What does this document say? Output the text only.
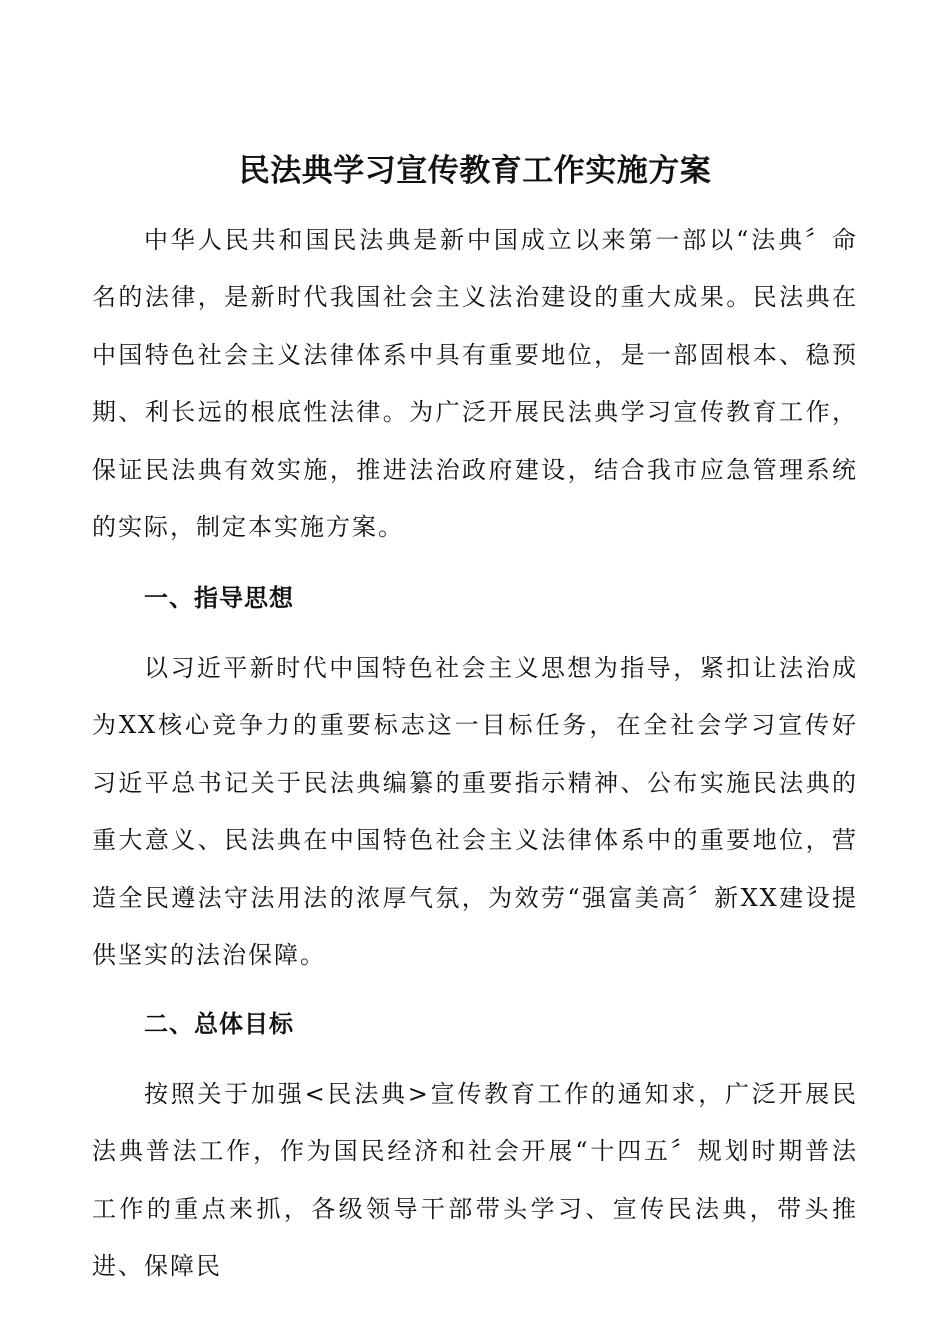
民法典学习宣传教育工作实施方案

中华人民共和国民法典是新中国成立以来第一部以“法典〞命名的法律，是新时代我国社会主义法治建设的重大成果。民法典在中国特色社会主义法律体系中具有重要地位，是一部固根本、稳预期、利长远的根底性法律。为广泛开展民法典学习宣传教育工作，保证民法典有效实施，推进法治政府建设，结合我市应急管理系统的实际，制定本实施方案。

一、指导思想

以习近平新时代中国特色社会主义思想为指导，紧扣让法治成为XX核心竞争力的重要标志这一目标任务，在全社会学习宣传好习近平总书记关于民法典编纂的重要指示精神、公布实施民法典的重大意义、民法典在中国特色社会主义法律体系中的重要地位，营造全民遵法守法用法的浓厚气氛，为效劳“强富美高〞新XX建设提供坚实的法治保障。

二、总体目标

按照关于加强<民法典>宣传教育工作的通知求，广泛开展民法典普法工作，作为国民经济和社会开展“十四五〞规划时期普法工作的重点来抓，各级领导干部带头学习、宣传民法典，带头推进、保障民
